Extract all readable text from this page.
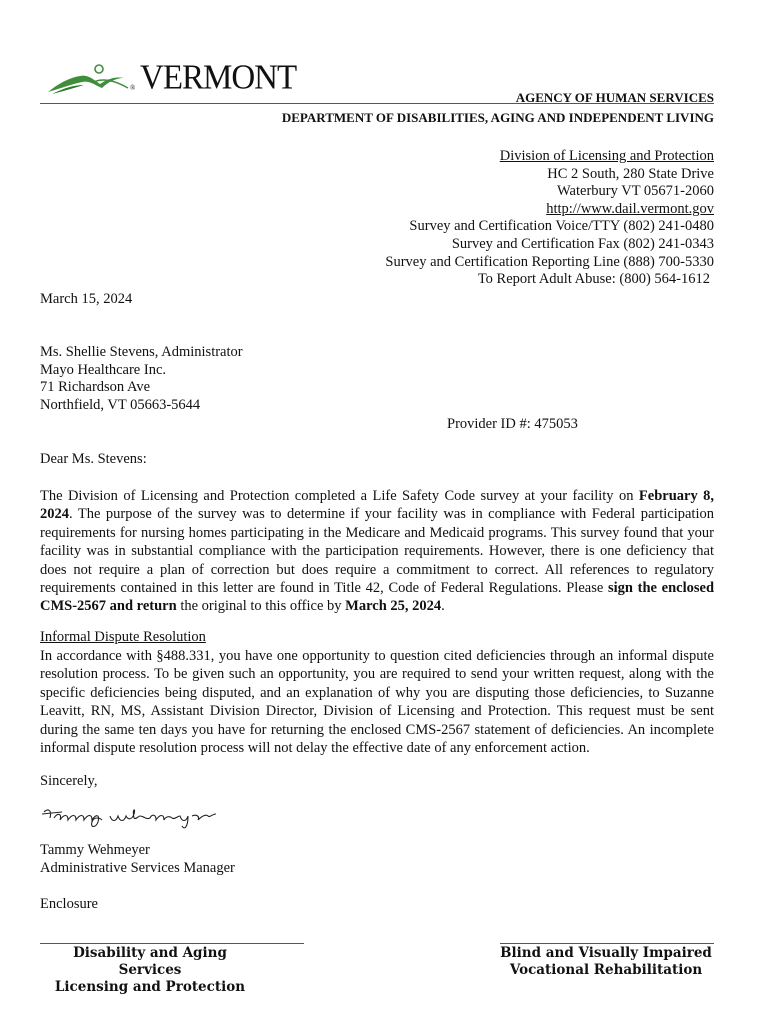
® VERMONT
AGENCY OF HUMAN SERVICES
DEPARTMENT OF DISABILITIES, AGING AND INDEPENDENT LIVING
Division of Licensing and Protection
HC 2 South, 280 State Drive
Waterbury VT 05671-2060
http://www.dail.vermont.gov
Survey and Certification Voice/TTY (802) 241-0480
Survey and Certification Fax (802) 241-0343
Survey and Certification Reporting Line (888) 700-5330
To Report Adult Abuse: (800) 564-1612
March 15, 2024
Ms. Shellie Stevens, Administrator
Mayo Healthcare Inc.
71 Richardson Ave
Northfield, VT 05663-5644
Provider ID #: 475053
Dear Ms. Stevens:
The Division of Licensing and Protection completed a Life Safety Code survey at your facility on February 8, 2024. The purpose of the survey was to determine if your facility was in compliance with Federal participation requirements for nursing homes participating in the Medicare and Medicaid programs. This survey found that your facility was in substantial compliance with the participation requirements. However, there is one deficiency that does not require a plan of correction but does require a commitment to correct. All references to regulatory requirements contained in this letter are found in Title 42, Code of Federal Regulations. Please sign the enclosed CMS-2567 and return the original to this office by March 25, 2024.
Informal Dispute Resolution
In accordance with §488.331, you have one opportunity to question cited deficiencies through an informal dispute resolution process. To be given such an opportunity, you are required to send your written request, along with the specific deficiencies being disputed, and an explanation of why you are disputing those deficiencies, to Suzanne Leavitt, RN, MS, Assistant Division Director, Division of Licensing and Protection. This request must be sent during the same ten days you have for returning the enclosed CMS-2567 statement of deficiencies. An incomplete informal dispute resolution process will not delay the effective date of any enforcement action.
Sincerely,
Tammy Wehmeyer
Administrative Services Manager
Enclosure
Disability and Aging Services
Licensing and Protection
Blind and Visually Impaired
Vocational Rehabilitation
